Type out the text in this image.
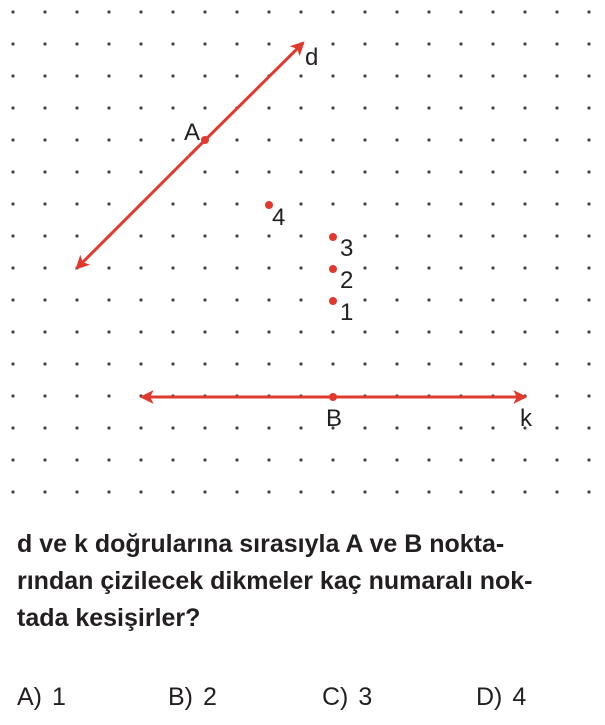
d
k
A
B
4
3
2
1

d ve k doğrularına sırasıyla A ve B nokta-
rından çizilecek dikmeler kaç numaralı nok-
tada kesişirler?

A) 1	B) 2	C) 3	D) 4
